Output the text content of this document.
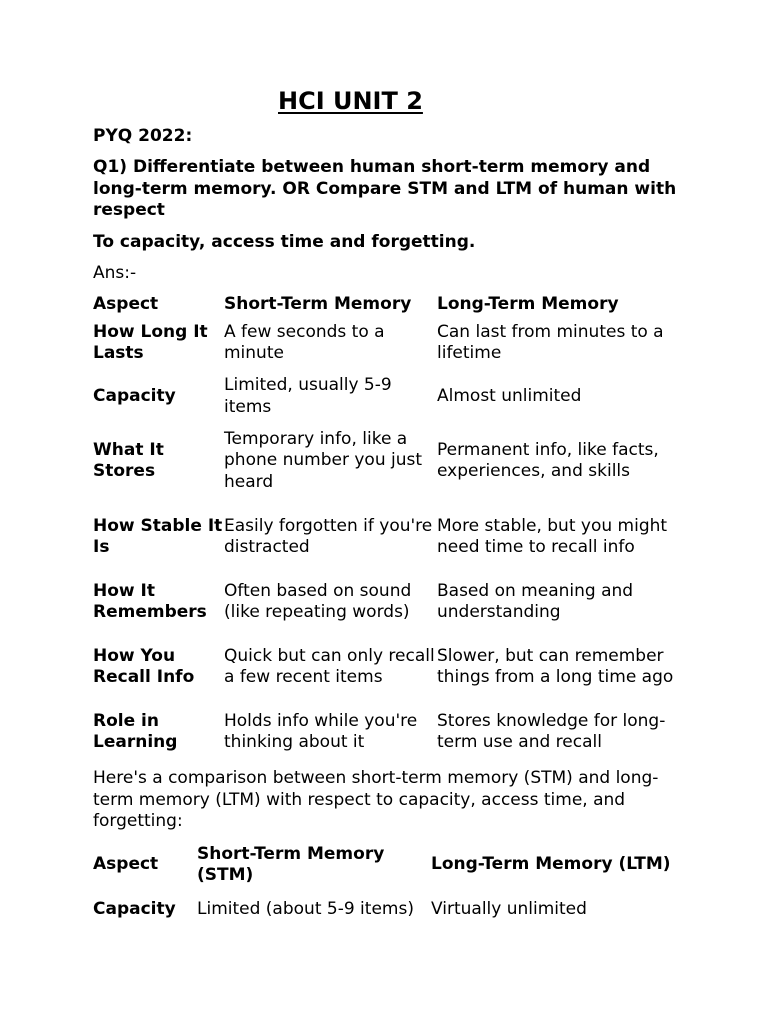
HCI UNIT 2
PYQ 2022:
Q1) Differentiate between human short-term memory and long-term memory. OR Compare STM and LTM of human with respect
To capacity, access time and forgetting.
Ans:-
Aspect	Short-Term Memory	Long-Term Memory
How Long It Lasts	A few seconds to a minute	Can last from minutes to a lifetime
Capacity	Limited, usually 5-9 items	Almost unlimited
What It Stores	Temporary info, like a phone number you just heard	Permanent info, like facts, experiences, and skills
How Stable It Is	Easily forgotten if you're distracted	More stable, but you might need time to recall info
How It Remembers	Often based on sound (like repeating words)	Based on meaning and understanding
How You Recall Info	Quick but can only recall a few recent items	Slower, but can remember things from a long time ago
Role in Learning	Holds info while you're thinking about it	Stores knowledge for long-term use and recall
Here's a comparison between short-term memory (STM) and long-term memory (LTM) with respect to capacity, access time, and forgetting:
Aspect	Short-Term Memory (STM)	Long-Term Memory (LTM)
Capacity	Limited (about 5-9 items)	Virtually unlimited
